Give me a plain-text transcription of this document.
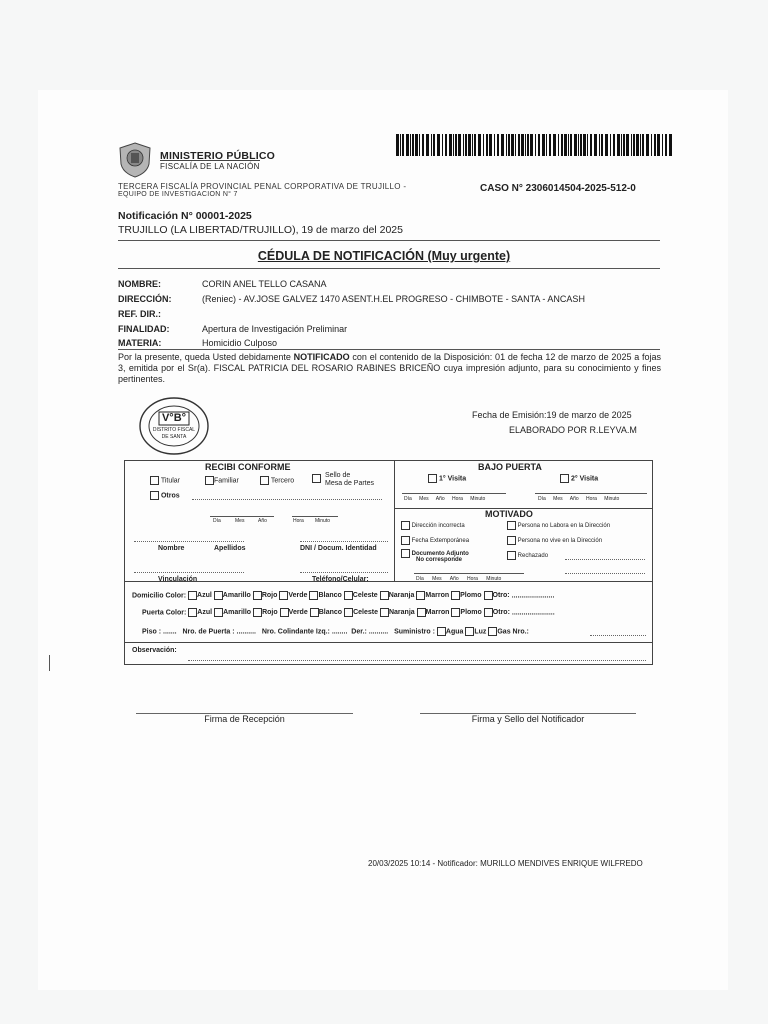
MINISTERIO PÚBLICO
FISCALÍA DE LA NACIÓN
TERCERA FISCALÍA PROVINCIAL PENAL CORPORATIVA DE TRUJILLO -
EQUIPO DE INVESTIGACION N° 7
CASO N° 2306014504-2025-512-0
Notificación N° 00001-2025
TRUJILLO (LA LIBERTAD/TRUJILLO), 19 de marzo del 2025
CÉDULA DE NOTIFICACIÓN (Muy urgente)
NOMBRE:	CORIN ANEL TELLO CASANA
DIRECCIÓN:	(Reniec) - AV.JOSE GALVEZ 1470 ASENT.H.EL PROGRESO - CHIMBOTE - SANTA - ANCASH
REF. DIR.:
FINALIDAD:	Apertura de Investigación Preliminar
MATERIA:	Homicidio Culposo
Por la presente, queda Usted debidamente NOTIFICADO con el contenido de la Disposición: 01 de fecha 12 de marzo de 2025 a fojas 3, emitida por el Sr(a). FISCAL PATRICIA DEL ROSARIO RABINES BRICEÑO cuya impresión adjunto, para su conocimiento y fines pertinentes.
V°B°
DISTRITO FISCAL
DE SANTA
Fecha de Emisión:19 de marzo de 2025
ELABORADO POR R.LEYVA.M
RECIBI CONFORME
Titular	Familiar	Tercero
Sello de
Mesa de Partes
Otros
Día	Mes	Año	Hora Minuto
Nombre	Apellidos	DNI / Docum. Identidad
Vinculación	Teléfono/Celular:
BAJO PUERTA
1° Visita	2° Visita
Día Mes Año Hora Minuto	Día Mes Año Hora Minuto
MOTIVADO
Dirección incorrecta	Persona no Labora en la Dirección
Fecha Extemporánea	Persona no vive en la Dirección
Documento Adjunto
No corresponde
Rechazado
Día Mes Año Hora Minuto
Domicilio Color: Azul Amarillo Rojo Verde Blanco Celeste Naranja Marron Plomo Otro: ......................
Puerta Color: Azul Amarillo Rojo Verde Blanco Celeste Naranja Marron Plomo Otro: ......................
Piso : ....... Nro. de Puerta : .......... Nro. Colindante Izq.: ........ Der.: .......... Suministro : Agua Luz Gas Nro.:
Observación:
Firma de Recepción	Firma y Sello del Notificador
20/03/2025 10:14 - Notificador: MURILLO MENDIVES ENRIQUE WILFREDO
